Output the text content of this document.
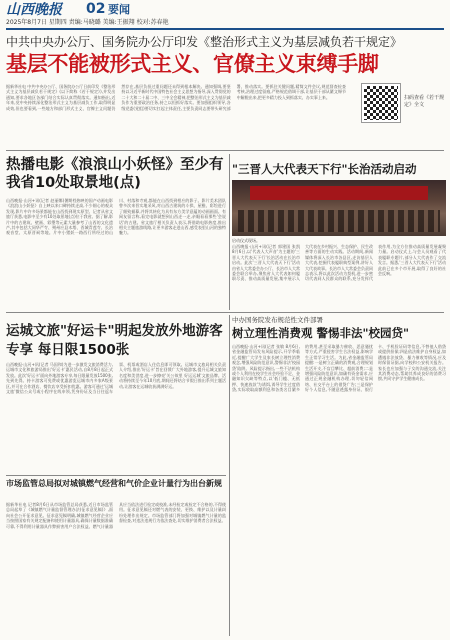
山西晚报 02 要闻
2025年8月7日 星期四 责编:马晓璐 美编:王振翔 校对:苏春艳
中共中央办公厅、国务院办公厅印发《整治形式主义为基层减负若干规定》
基层不能被形式主义、官僚主义束缚手脚
据新华社电 中共中央办公厅、国务院办公厅日前印发《整治形式主义为基层减负若干规定》(以下简称《若干规定》),并发出通知,要求各地区各部门结合实际认真贯彻落实。通知指出,近年来,党中央持续深化整治形式主义为基层减负工作,取得明显成效,但也要看到,一些地方和部门形式主义、官僚主义问题仍然存在,基层负担过重问题还未得到根本解决。通知强调,要坚持以习近平新时代中国特色社会主义思想为指导,深入贯彻党的二十大和二十届二中、三中全会精神,把整治形式主义为基层减负作为重要政治任务,持之以恒抓好落实。要加强组织领导,各级党委(党组)要切实扛起主体责任,主要负责同志要带头研究部署、推动落实。要抓住关键问题,精简文件会议,规范督查检查考核,治理过度留痕,严格规范借调干部,让基层干部从繁文缛节中解脱出来,把更多精力投入到抓落实、办实事上来。	扫码查看《若干规定》全文
热播电影《浪浪山小妖怪》至少有我省10处取景地(点)
山西晚报·山河+讯(记者 赵丽娜)暑期档热映的国产动画电影《浪浪山小妖怪》自上映以来口碑持续走高,不少细心的观众发现,影片中许多场景都能在山西找到现实原型。记者从省文旅厅获悉,电影中至少有10处取景地(点)位于我省。据了解,影片中的古建筑、壁画、彩塑等元素大量参考了山西的文化遗产,其中包括大同华严寺、朔州应县木塔、晋城青莲寺、长治观音堂、太原晋祠等地。片中小猪妖一路西行所经过的山川、村落和寺观,都能在山西找到相应的影子。影片美术团队曾多次来晋实地采风,对山西古建筑的斗拱、屋檐、彩绘进行了细致描摹,并将其转化为具有东方美学意蕴的动画画面。有网友留言称,看完电影就想到山西走一走,亲眼看看那些'会说话'的古建。省文旅厅相关负责人表示,将借助电影热度,推出相关主题旅游线路,让更多游客走进山西,感受表里山河的独特魅力。
"三晋人大代表天下行"长治活动启动
启动仪式现场。
山西晚报·山河+讯(记者 郭建国 张凯 8月6日,以'代表人大声音'为主题的'三晋人大代表天下行'长治活动在长治市启动。此次'三晋人大代表天下行'活动由省人大常委会办公厅、长治市人大常委会联合举办,聚焦省人大代表如何履职尽责、推动高质量发展,集中展示人大代表在乡村振兴、生态保护、民生改善等方面的生动实践。活动期间,新闻媒体将深入长治市各县区,走访基层人大代表,挖掘代表履职典型案例,讲好人大代表故事。长治市人大常委会负责同志表示,将以此次活动为契机,进一步密切代表同人民群众的联系,充分发挥代表作用,为全方位推动高质量发展凝聚力量。启动仪式上,与会人员观看了代表履职专题片,部分人大代表作了交流发言。据悉,'三晋人大代表天下行'活动此前已在多个市开展,取得了良好的社会反响。
运城文旅"好运卡"明起发放外地游客专享 每日限1500张
山西晚报·山河+讯(记者 马国和)为进一步激发文旅消费活力,运城市文化和旅游局推出'好运卡'惠民活动,自8月8日起正式发放。此次'好运卡'面向外地游客专享,每日限量发放1500张,先到先得。持卡游客可免费或优惠游览运城市内多家A级景区,并可在合作酒店、餐饮店享受折扣优惠。游客可通过'运城文旅'微信公众号或小程序在线申领,凭身份证及当日往返车票、机票或酒店入住信息即可领取。运城市文旅局相关负责人介绍,推出'好运卡'旨在回馈广大外地游客,提升运城文旅知名度和美誉度,进一步擦亮'关公故里 好运运城'文旅品牌。活动将持续至今年10月底,期间还将结合节假日推出系列主题活动,让游客在运城收获满满好运。
市场监管总局拟对城镇燃气经营和气价企业计量行为出台新规
据新华社电 记者8月6日从市场监管总局获悉,近日市场监管总局起草了《城镇燃气计量监督管理办法(征求意见稿)》,面向社会公开征求意见。征求意见稿明确,城镇燃气经营企业应当按照国家有关规定配备和使用计量器具,确保计量数据准确可靠,不得利用计量器具作弊损害用户合法权益。燃气计量器具应当依法进行检定或校准,未经检定或检定不合格的,不得使用。征求意见稿还对燃气表的安装、更换、维护以及计量纠纷处理作出规定。市场监管部门将加强对城镇燃气计量的监督检查,对违法违规行为依法查处,切实维护消费者合法权益。
中办国务院发布规范性文件部署
树立理性消费观 警惕非法"校园贷"
山西晚报·山河+讯(记者 张敏 8月6日,省金融监管局发布风险提示,开学季临近,提醒广大学生及家长树立理性消费观念,增强风险防范意识,警惕非法'校园贷'陷阱。风险提示指出,一些不法机构或个人利用在校学生社会经验不足、金融知识欠缺等特点,以'低门槛、无抵押、快速放款'为诱饵,诱导学生过度借贷,实际收取高额利息和各类名目繁多的费用,甚至采取暴力催收、恶意骚扰等方式,严重侵害学生合法权益,影响学生正常学习生活。为此,省金融监管局提醒:一是树立正确的消费观,合理规划生活开支,不盲目攀比、超前消费;二是增强风险防范意识,如确有资金需求,应通过正规金融机构办理,切勿轻信网络、社交平台上的借贷广告;三是保护好个人信息,不随意透露身份证、银行卡、手机验证码等信息,不替他人借贷或提供担保;四是依法维护自身权益,如遭遇非法放贷、暴力催收等情况,应及时保留证据,向学校和公安机关报告。家长也应加强与子女的沟通交流,关注其消费动态,帮助其养成良好的消费习惯,共同守护学生健康成长。
